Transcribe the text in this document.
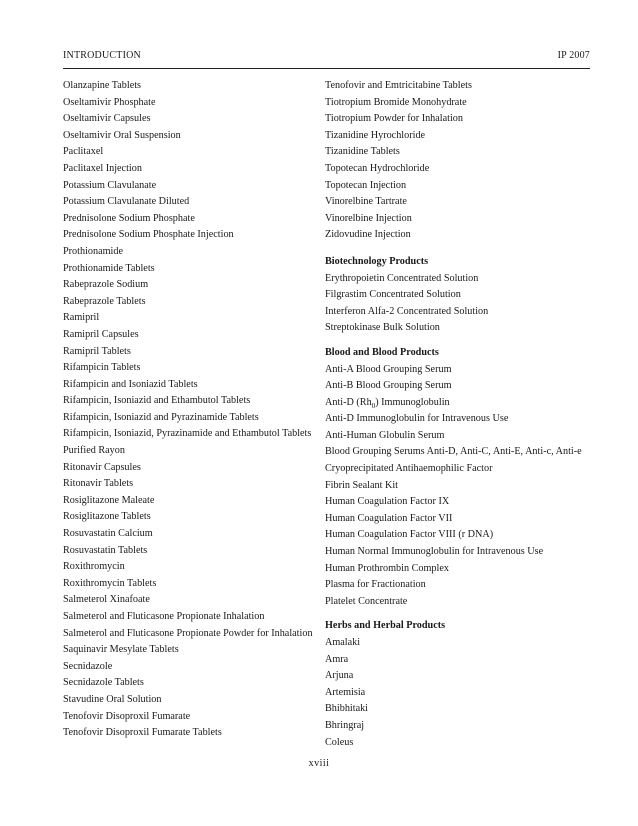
INTRODUCTION	IP 2007
Olanzapine Tablets
Oseltamivir Phosphate
Oseltamivir Capsules
Oseltamivir Oral Suspension
Paclitaxel
Paclitaxel Injection
Potassium Clavulanate
Potassium Clavulanate Diluted
Prednisolone Sodium Phosphate
Prednisolone Sodium Phosphate Injection
Prothionamide
Prothionamide Tablets
Rabeprazole Sodium
Rabeprazole Tablets
Ramipril
Ramipril Capsules
Ramipril Tablets
Rifampicin Tablets
Rifampicin and Isoniazid Tablets
Rifampicin, Isoniazid and Ethambutol Tablets
Rifampicin, Isoniazid and Pyrazinamide Tablets
Rifampicin, Isoniazid, Pyrazinamide and Ethambutol Tablets
Purified Rayon
Ritonavir Capsules
Ritonavir Tablets
Rosiglitazone Maleate
Rosiglitazone Tablets
Rosuvastatin Calcium
Rosuvastatin Tablets
Roxithromycin
Roxithromycin Tablets
Salmeterol Xinafoate
Salmeterol and Fluticasone Propionate Inhalation
Salmeterol and Fluticasone Propionate Powder for Inhalation
Saquinavir Mesylate Tablets
Secnidazole
Secnidazole Tablets
Stavudine Oral Solution
Tenofovir Disoproxil Fumarate
Tenofovir Disoproxil Fumarate Tablets
Tenofovir and Emtricitabine Tablets
Tiotropium Bromide Monohydrate
Tiotropium Powder for Inhalation
Tizanidine Hyrochloride
Tizanidine Tablets
Topotecan Hydrochloride
Topotecan Injection
Vinorelbine Tartrate
Vinorelbine Injection
Zidovudine Injection
Biotechnology Products
Erythropoietin Concentrated Solution
Filgrastim Concentrated Solution
Interferon Alfa-2 Concentrated Solution
Streptokinase Bulk Solution
Blood and Blood Products
Anti-A Blood Grouping Serum
Anti-B Blood Grouping Serum
Anti-D $(Rh_0)$ Immunoglobulin
Anti-D Immunoglobulin for Intravenous Use
Anti-Human Globulin Serum
Blood Grouping Serums Anti-D, Anti-C, Anti-E, Anti-c, Anti-e
Cryoprecipitated Antihaemophilic Factor
Fibrin Sealant Kit
Human Coagulation Factor IX
Human Coagulation Factor VII
Human Coagulation Factor VIII (r DNA)
Human Normal Immunoglobulin for Intravenous Use
Human Prothrombin Complex
Plasma for Fractionation
Platelet Concentrate
Herbs and Herbal Products
Amalaki
Amra
Arjuna
Artemisia
Bhibhitaki
Bhringraj
Coleus
xviii
